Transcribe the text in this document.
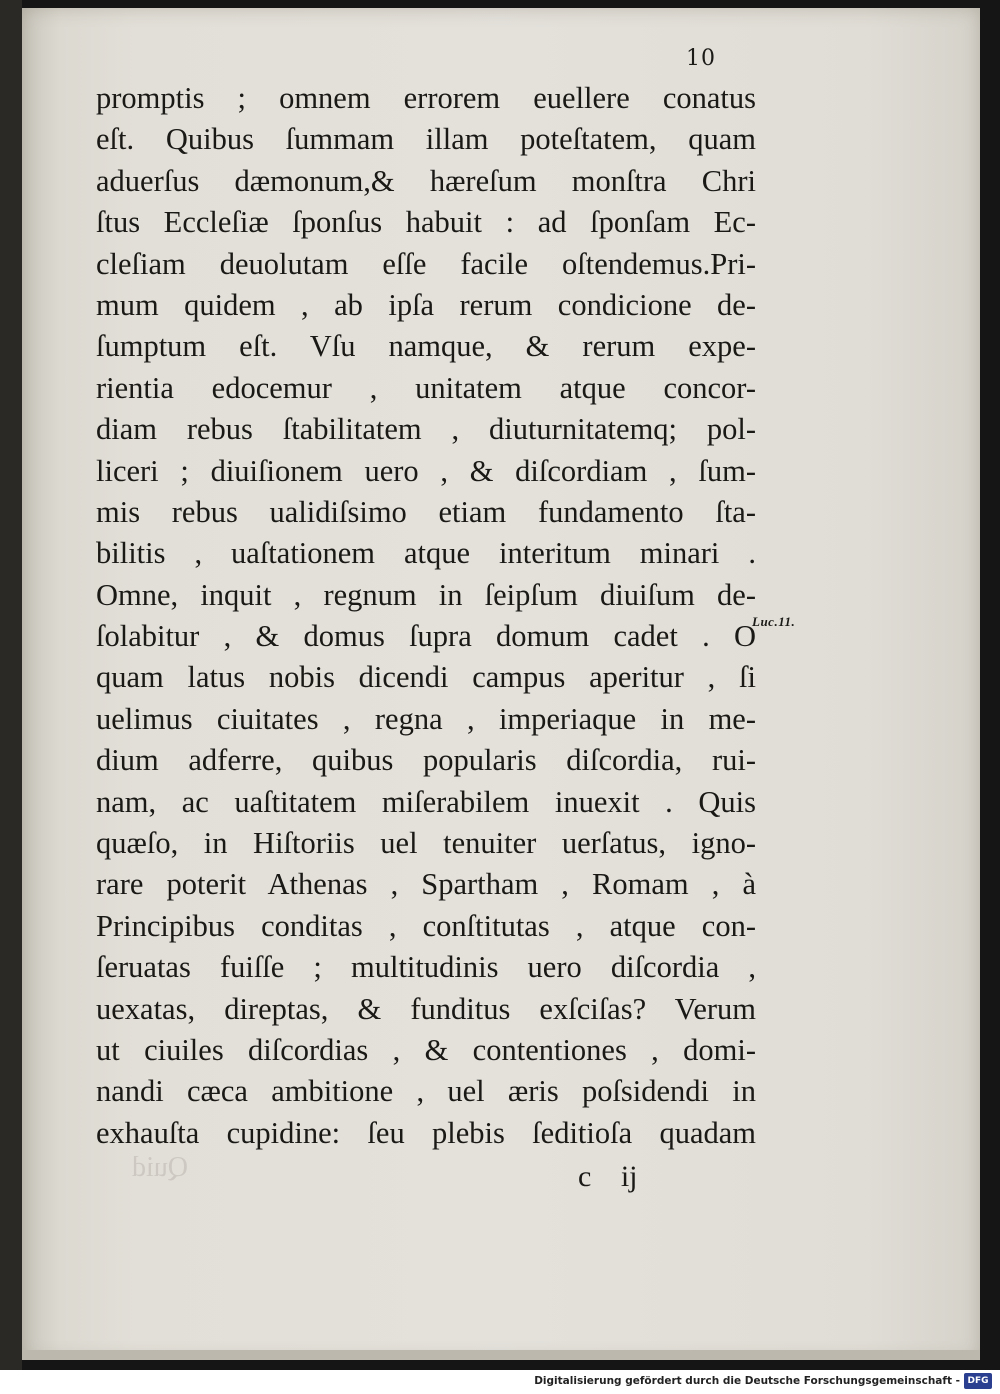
10
Quid
promptis ; omnem errorem euellere conatus
eſt. Quibus ſummam illam poteſtatem, quam
aduerſus dæmonum,& hæreſum monſtra Chri
ſtus Eccleſiæ ſponſus habuit : ad ſponſam Ec-
cleſiam deuolutam eſſe facile oſtendemus.Pri-
mum quidem , ab ipſa rerum condicione de-
ſumptum eſt. Vſu namque, & rerum expe-
rientia edocemur , unitatem atque concor-
diam rebus ſtabilitatem , diuturnitatemq; pol-
liceri ; diuiſionem uero , & diſcordiam , ſum-
mis rebus ualidiſsimo etiam fundamento ſta-
bilitis , uaſtationem atque interitum minari .
Omne, inquit , regnum in ſeipſum diuiſum de-
ſolabitur , & domus ſupra domum cadet . O
quam latus nobis dicendi campus aperitur , ſi
uelimus ciuitates , regna , imperiaque in me-
dium adferre, quibus popularis diſcordia, rui-
nam, ac uaſtitatem miſerabilem inuexit . Quis
quæſo, in Hiſtoriis uel tenuiter uerſatus, igno-
rare poterit Athenas , Spartham , Romam , à
Principibus conditas , conſtitutas , atque con-
ſeruatas fuiſſe ; multitudinis uero diſcordia ,
uexatas, direptas, & funditus exſciſas? Verum
ut ciuiles diſcordias , & contentiones , domi-
nandi cæca ambitione , uel æris poſsidendi in
exhauſta cupidine: ſeu plebis ſeditioſa quadam
Luc.11.
c ij
Digitalisierung gefördert durch die Deutsche Forschungsgemeinschaft - DFG
